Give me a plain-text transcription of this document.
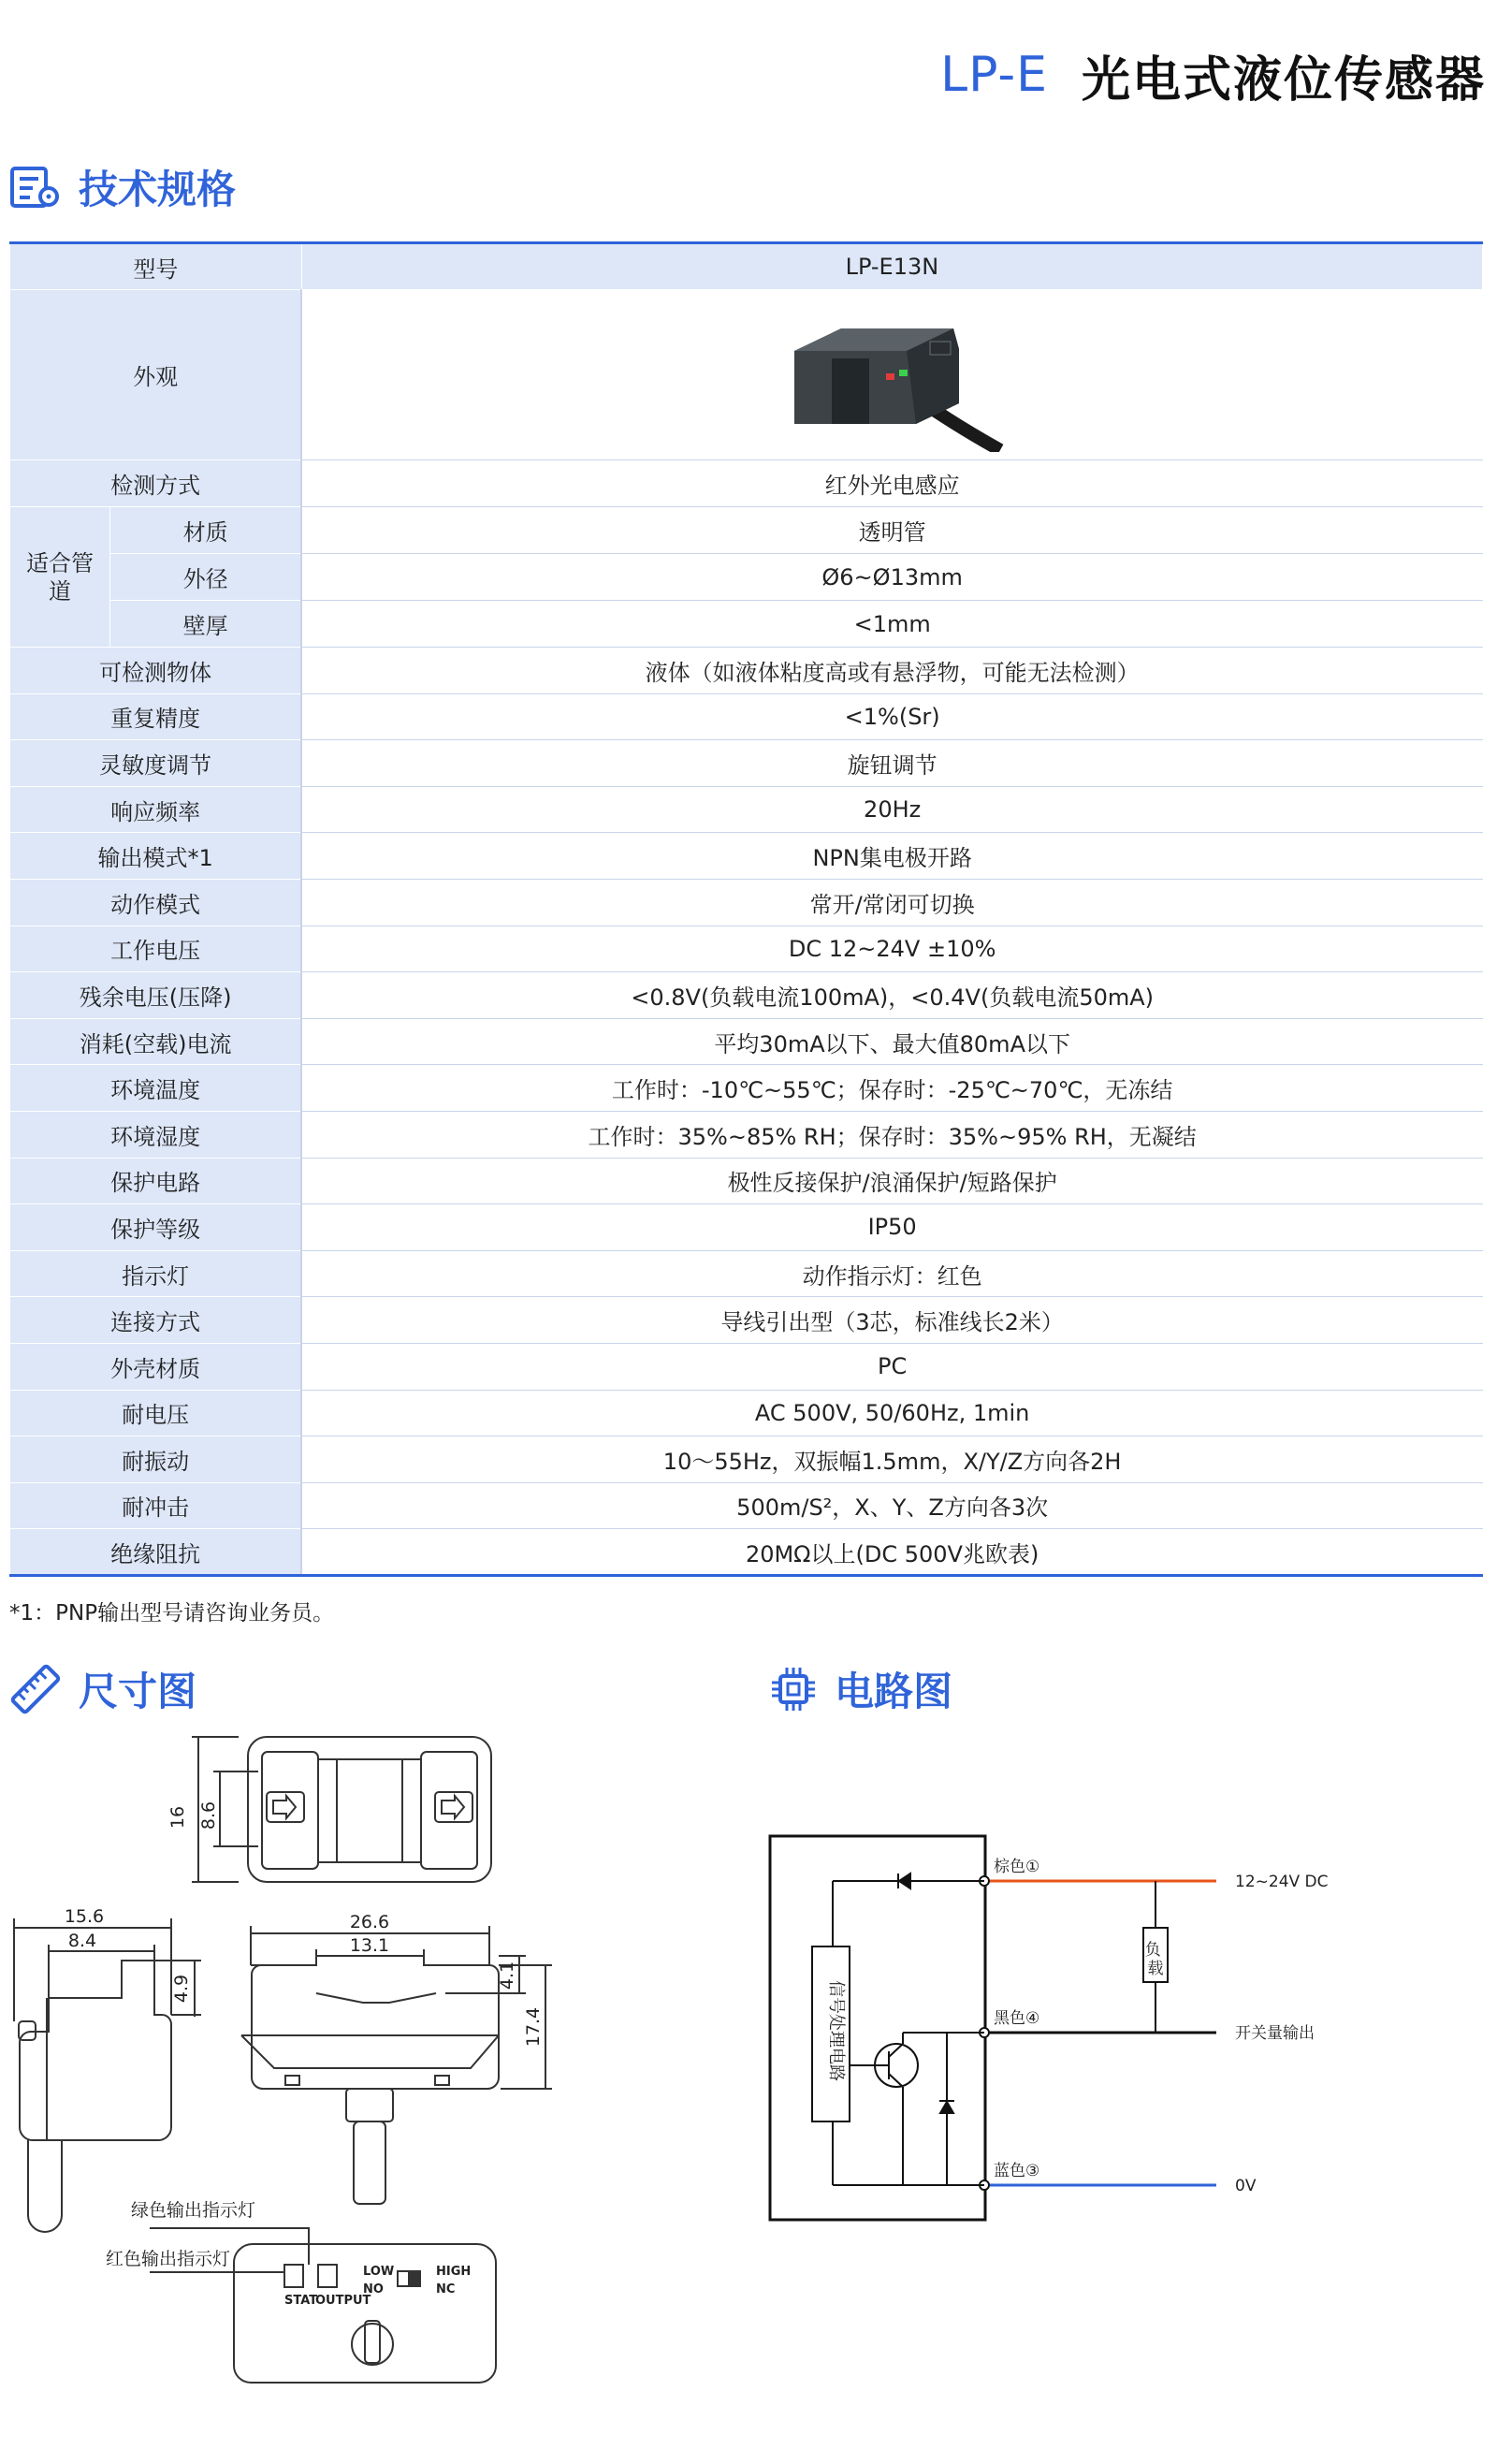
LP-E 光电式液位传感器
技术规格
型号		LP-E13N
外观	
检测方式		红外光电感应
适合管道	材质	透明管
	外径	Ø6~Ø13mm
	壁厚	<1mm
可检测物体		液体（如液体粘度高或有悬浮物，可能无法检测）
重复精度		<1%(Sr)
灵敏度调节		旋钮调节
响应频率		20Hz
输出模式*1		NPN集电极开路
动作模式		常开/常闭可切换
工作电压		DC 12~24V ±10%
残余电压(压降)		<0.8V(负载电流100mA)，<0.4V(负载电流50mA)
消耗(空载)电流		平均30mA以下、最大值80mA以下
环境温度		工作时：-10℃~55℃；保存时：-25℃~70℃，无冻结
环境湿度		工作时：35%~85% RH；保存时：35%~95% RH，无凝结
保护电路		极性反接保护/浪涌保护/短路保护
保护等级		IP50
指示灯		动作指示灯：红色
连接方式		导线引出型（3芯，标准线长2米）
外壳材质		PC
耐电压		AC 500V, 50/60Hz, 1min
耐振动		10～55Hz，双振幅1.5mm，X/Y/Z方向各2H
耐冲击		500m/S²，X、Y、Z方向各3次
绝缘阻抗		20MΩ以上(DC 500V兆欧表)
*1：PNP输出型号请咨询业务员。
尺寸图	电路图
16 8.6
15.6
8.4
4.9
26.6
13.1
4.1
17.4
绿色输出指示灯
红色输出指示灯
STAT
OUTPUT
LOW
NO
HIGH
NC
棕色①
黑色④
蓝色③
12~24V DC
开关量输出
0V
负 载
信号处理电路
